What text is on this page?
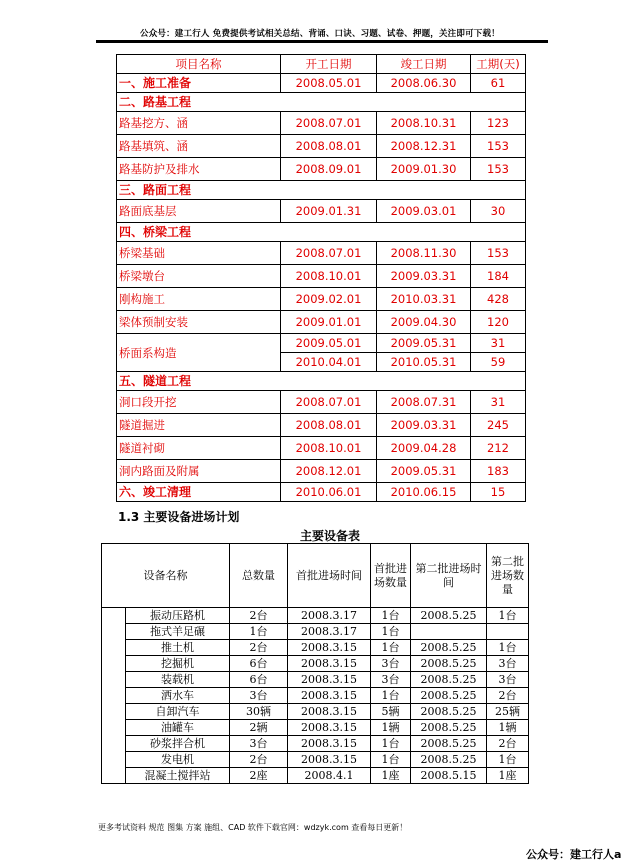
公众号：建工行人 免费提供考试相关总结、背诵、口诀、习题、试卷、押题，关注即可下载！
项目名称	开工日期	竣工日期	工期(天)
一、施工准备	2008.05.01	2008.06.30	61
二、路基工程			
路基挖方、涵	2008.07.01	2008.10.31	123
路基填筑、涵	2008.08.01	2008.12.31	153
路基防护及排水	2008.09.01	2009.01.30	153
三、路面工程			
路面底基层	2009.01.31	2009.03.01	30
四、桥梁工程			
桥梁基础	2008.07.01	2008.11.30	153
桥梁墩台	2008.10.01	2009.03.31	184
刚构施工	2009.02.01	2010.03.31	428
梁体预制安装	2009.01.01	2009.04.30	120
桥面系构造	2009.05.01	2009.05.31	31
	2010.04.01	2010.05.31	59
五、隧道工程			
洞口段开挖	2008.07.01	2008.07.31	31
隧道掘进	2008.08.01	2009.03.31	245
隧道衬砌	2008.10.01	2009.04.28	212
洞内路面及附属	2008.12.01	2009.05.31	183
六、竣工清理	2010.06.01	2010.06.15	15
1.3 主要设备进场计划
主要设备表
设备名称		总数量	首批进场时间	首批进场数量	第二批进场时间	第二批进场数量
	振动压路机	2台	2008.3.17	1台	2008.5.25	1台
	拖式羊足碾	1台	2008.3.17	1台		
	推土机	2台	2008.3.15	1台	2008.5.25	1台
	挖掘机	6台	2008.3.15	3台	2008.5.25	3台
	装载机	6台	2008.3.15	3台	2008.5.25	3台
	洒水车	3台	2008.3.15	1台	2008.5.25	2台
	自卸汽车	30辆	2008.3.15	5辆	2008.5.25	25辆
	油罐车	2辆	2008.3.15	1辆	2008.5.25	1辆
	砂浆拌合机	3台	2008.3.15	1台	2008.5.25	2台
	发电机	2台	2008.3.15	1台	2008.5.25	1台
	混凝土搅拌站	2座	2008.4.1	1座	2008.5.15	1座
更多考试资料 规范 图集 方案 施组、CAD 软件下载官网：wdzyk.com 查看每日更新！
公众号：建工行人a
